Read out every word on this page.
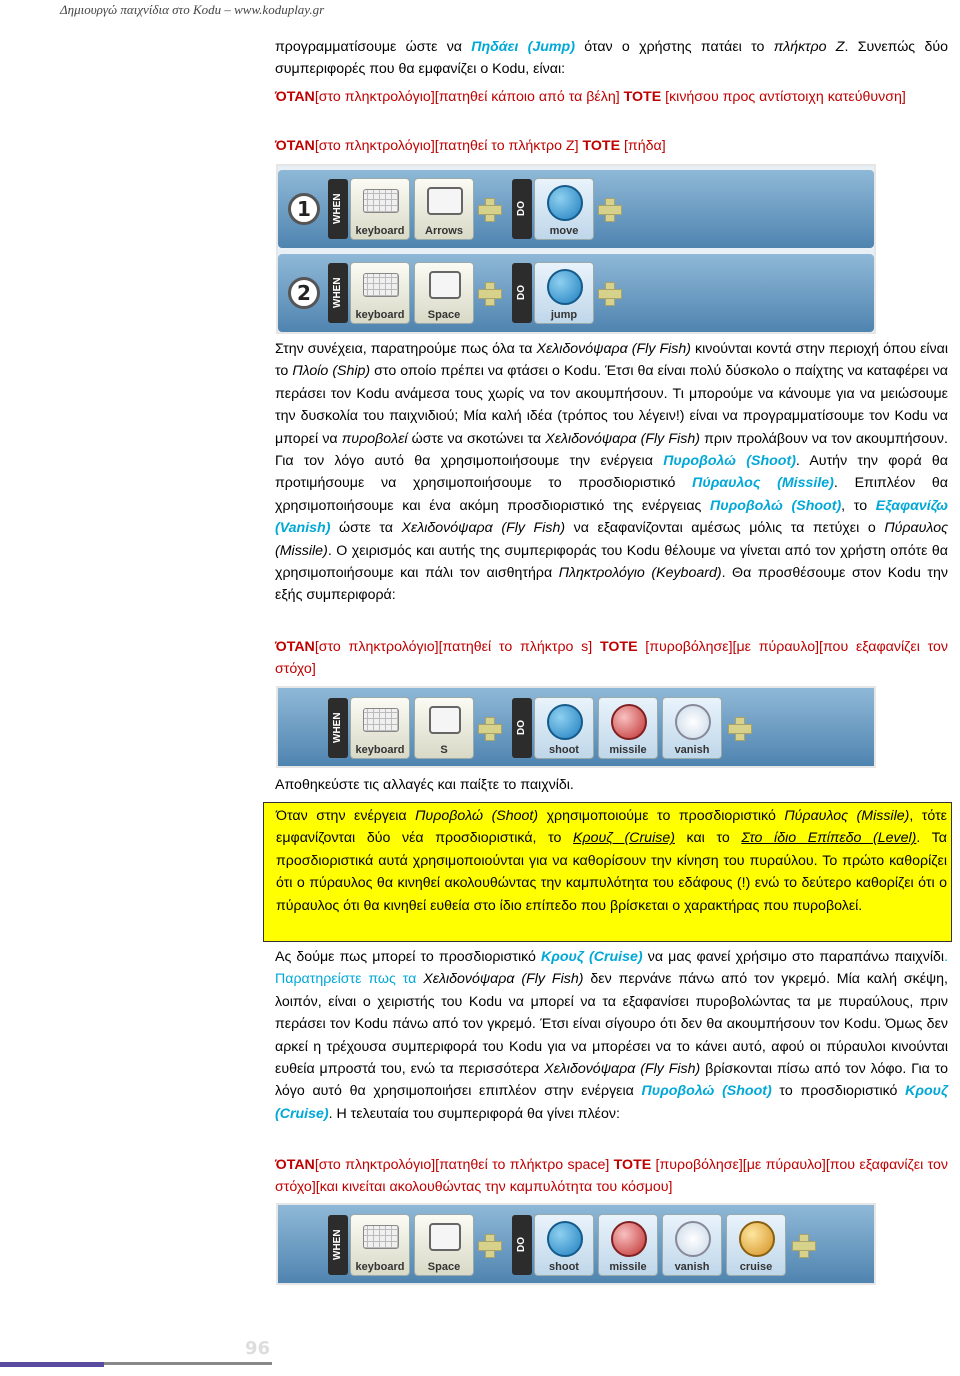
Δημιουργώ παιχνίδια στο Kodu – www.koduplay.gr
προγραμματίσουμε ώστε να Πηδάει (Jump) όταν ο χρήστης πατάει το πλήκτρο Z. Συνεπώς δύο συμπεριφορές που θα εμφανίζει ο Kodu, είναι:
ΌΤΑΝ[στο πληκτρολόγιο][πατηθεί κάποιο από τα βέλη] ΤΟΤΕ [κινήσου προς αντίστοιχη κατεύθυνση]
ΌΤΑΝ[στο πληκτρολόγιο][πατηθεί το πλήκτρο Z] ΤΟΤΕ [πήδα]
1	WHEN
keyboard	Arrows
DO
move
2	WHEN
keyboard	Space
DO
jump
Στην συνέχεια, παρατηρούμε πως όλα τα Χελιδονόψαρα (Fly Fish) κινούνται κοντά στην περιοχή όπου είναι το Πλοίο (Ship) στο οποίο πρέπει να φτάσει ο Kodu. Έτσι θα είναι πολύ δύσκολο ο παίχτης να καταφέρει να περάσει τον Kodu ανάμεσα τους χωρίς να τον ακουμπήσουν. Τι μπορούμε να κάνουμε για να μειώσουμε την δυσκολία του παιχνιδιού; Μία καλή ιδέα (τρόπος του λέγειν!) είναι να προγραμματίσουμε τον Kodu να μπορεί να πυροβολεί ώστε να σκοτώνει τα Χελιδονόψαρα (Fly Fish) πριν προλάβουν να τον ακουμπήσουν. Για τον λόγο αυτό θα χρησιμοποιήσουμε την ενέργεια Πυροβολώ (Shoot). Αυτήν την φορά θα προτιμήσουμε να χρησιμοποιήσουμε το προσδιοριστικό Πύραυλος (Missile). Επιπλέον θα χρησιμοποιήσουμε και ένα ακόμη προσδιοριστικό της ενέργειας Πυροβολώ (Shoot), το Εξαφανίζω (Vanish) ώστε τα Χελιδονόψαρα (Fly Fish) να εξαφανίζονται αμέσως μόλις τα πετύχει ο Πύραυλος (Missile). Ο χειρισμός και αυτής της συμπεριφοράς του Kodu θέλουμε να γίνεται από τον χρήστη οπότε θα χρησιμοποιήσουμε και πάλι τον αισθητήρα Πληκτρολόγιο (Keyboard). Θα προσθέσουμε στον Kodu την εξής συμπεριφορά:
ΌΤΑΝ[στο πληκτρολόγιο][πατηθεί το πλήκτρο s] ΤΟΤΕ [πυροβόλησε][με πύραυλο][που εξαφανίζει τον στόχο]
WHEN
keyboard	S
DO
shoot	missile	vanish
Αποθηκεύστε τις αλλαγές και παίξτε το παιχνίδι.
Όταν στην ενέργεια Πυροβολώ (Shoot) χρησιμοποιούμε το προσδιοριστικό Πύραυλος (Missile), τότε εμφανίζονται δύο νέα προσδιοριστικά, το Κρουζ (Cruise) και το Στο ίδιο Επίπεδο (Level). Τα προσδιοριστικά αυτά χρησιμοποιούνται για να καθορίσουν την κίνηση του πυραύλου. Το πρώτο καθορίζει ότι ο πύραυλος θα κινηθεί ακολουθώντας την καμπυλότητα του εδάφους (!) ενώ το δεύτερο καθορίζει ότι ο πύραυλος ότι θα κινηθεί ευθεία στο ίδιο επίπεδο που βρίσκεται ο χαρακτήρας που πυροβολεί.
Ας δούμε πως μπορεί το προσδιοριστικό Κρουζ (Cruise) να μας φανεί χρήσιμο στο παραπάνω παιχνίδι. Παρατηρείστε πως τα Χελιδονόψαρα (Fly Fish) δεν περνάνε πάνω από τον γκρεμό. Μία καλή σκέψη, λοιπόν, είναι ο χειριστής του Kodu να μπορεί να τα εξαφανίσει πυροβολώντας τα με πυραύλους, πριν περάσει τον Kodu πάνω από τον γκρεμό. Έτσι είναι σίγουρο ότι δεν θα ακουμπήσουν τον Kodu. Όμως δεν αρκεί η τρέχουσα συμπεριφορά του Kodu για να μπορέσει να το κάνει αυτό, αφού οι πύραυλοι κινούνται ευθεία μπροστά του, ενώ τα περισσότερα Χελιδονόψαρα (Fly Fish) βρίσκονται πίσω από τον λόφο. Για το λόγο αυτό θα χρησιμοποιήσει επιπλέον στην ενέργεια Πυροβολώ (Shoot) το προσδιοριστικό Κρουζ (Cruise). Η τελευταία του συμπεριφορά θα γίνει πλέον:
ΌΤΑΝ[στο πληκτρολόγιο][πατηθεί το πλήκτρο space] ΤΟΤΕ [πυροβόλησε][με πύραυλο][που εξαφανίζει τον στόχο][και κινείται ακολουθώντας την καμπυλότητα του κόσμου]
WHEN
keyboard	Space
DO
shoot	missile	vanish	cruise
96
